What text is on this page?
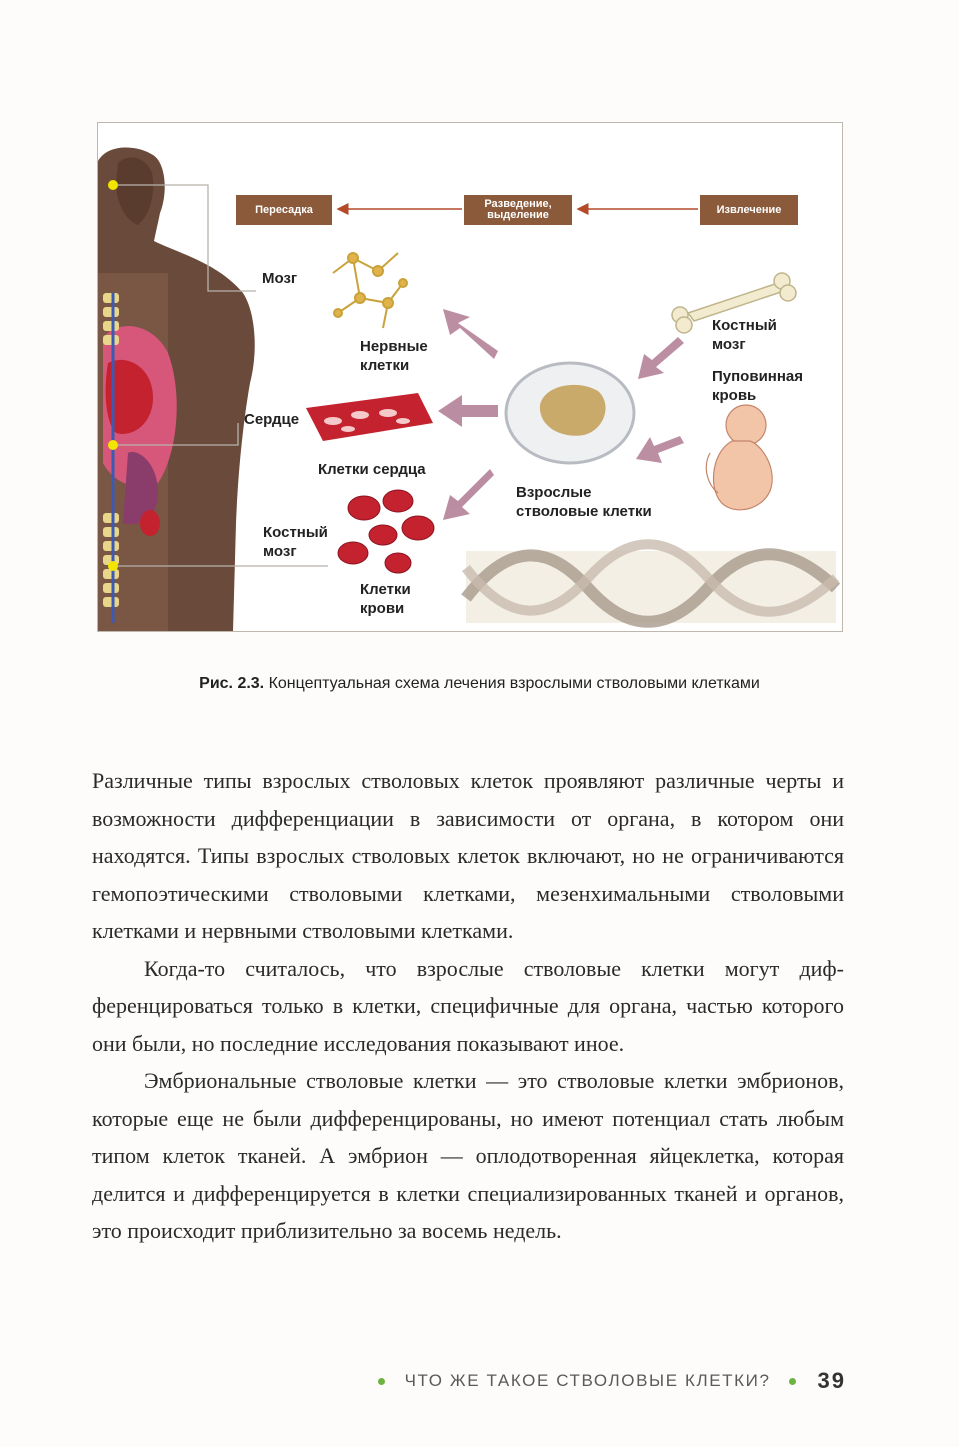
Пересадка	Разведение,
выделение	Извлечение
Мозг
Нервные
клетки
Сердце
Клетки сердца
Костный
мозг
Клетки
крови
Взрослые
стволовые клетки
Костный
мозг
Пуповинная
кровь
Рис. 2.3. Концептуальная схема лечения взрослыми стволовыми клетками

Различные типы взрослых стволовых клеток проявляют различные черты и возможности дифференциации в зависимости от органа, в котором они находятся. Типы взрослых стволовых клеток включают, но не ограничиваются гемопоэтическими стволовыми клетками, мезенхимальными стволовыми клетками и нервными стволовыми клетками.

Когда-то считалось, что взрослые стволовые клетки могут дифференцироваться только в клетки, специфичные для органа, частью которого они были, но последние исследования показывают иное.

Эмбриональные стволовые клетки — это стволовые клетки эмбрионов, которые еще не были дифференцированы, но имеют потенциал стать любым типом клеток тканей. А эмбрион — оплодотворенная яйцеклетка, которая делится и дифференцируется в клетки специализированных тканей и органов, это происходит приблизительно за восемь недель.

ЧТО ЖЕ ТАКОЕ СТВОЛОВЫЕ КЛЕТКИ? 39
